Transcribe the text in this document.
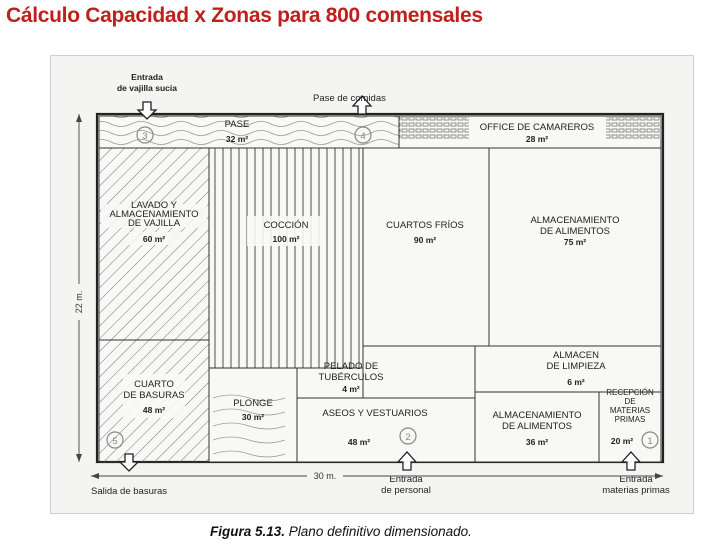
Cálculo Capacidad x Zonas para 800 comensales
3	4
5	2	1
Entrada
de vajilla sucia
Pase de comidas
Salida de basuras
Entrada
de personal
Entrada
materias primas
30 m.
22 m.
PASE
32 m²
OFFICE DE CAMAREROS
28 m²
LAVADO Y
ALMACENAMIENTO
DE VAJILLA
60 m²
COCCIÓN
100 m²
CUARTOS FRÍOS
90 m²
ALMACENAMIENTO
DE ALIMENTOS
75 m²
CUARTO
DE BASURAS
48 m²
PLONGE
30 m²
PELADO DE
TUBÉRCULOS
4 m²
ASEOS Y VESTUARIOS
48 m²
ALMACEN
DE LIMPIEZA
6 m²
ALMACENAMIENTO
DE ALIMENTOS
36 m²
RECEPCIÓN
DE
MATERIAS
PRIMAS
20 m²
Figura 5.13. Plano definitivo dimensionado.
